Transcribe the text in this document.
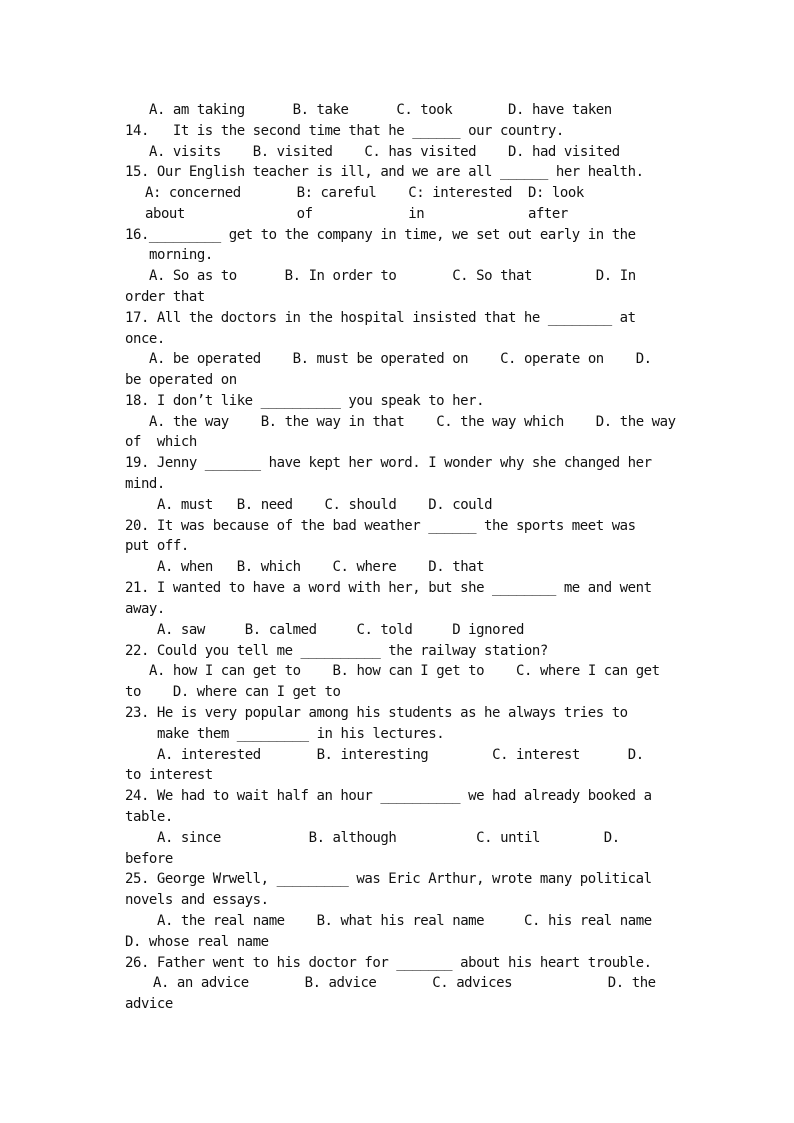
A. am taking      B. take      C. took       D. have taken
14.   It is the second time that he ______ our country.
A. visits    B. visited    C. has visited    D. had visited
15. Our English teacher is ill, and we are all ______ her health.
A: concerned       B: careful    C: interested  D: look
about              of            in             after
16._________ get to the company in time, we set out early in the
morning.
A. So as to      B. In order to       C. So that        D. In
order that
17. All the doctors in the hospital insisted that he ________ at
once.
A. be operated    B. must be operated on    C. operate on    D.
be operated on
18. I don’t like __________ you speak to her.
A. the way    B. the way in that    C. the way which    D. the way
of  which
19. Jenny _______ have kept her word. I wonder why she changed her
mind.
A. must   B. need    C. should    D. could
20. It was because of the bad weather ______ the sports meet was
put off.
A. when   B. which    C. where    D. that
21. I wanted to have a word with her, but she ________ me and went
away.
A. saw     B. calmed     C. told     D ignored
22. Could you tell me __________ the railway station?
A. how I can get to    B. how can I get to    C. where I can get
to    D. where can I get to
23. He is very popular among his students as he always tries to
make them _________ in his lectures.
A. interested       B. interesting        C. interest      D.
to interest
24. We had to wait half an hour __________ we had already booked a
table.
A. since           B. although          C. until        D.
before
25. George Wrwell, _________ was Eric Arthur, wrote many political
novels and essays.
A. the real name    B. what his real name     C. his real name
D. whose real name
26. Father went to his doctor for _______ about his heart trouble.
A. an advice       B. advice       C. advices            D. the
advice
